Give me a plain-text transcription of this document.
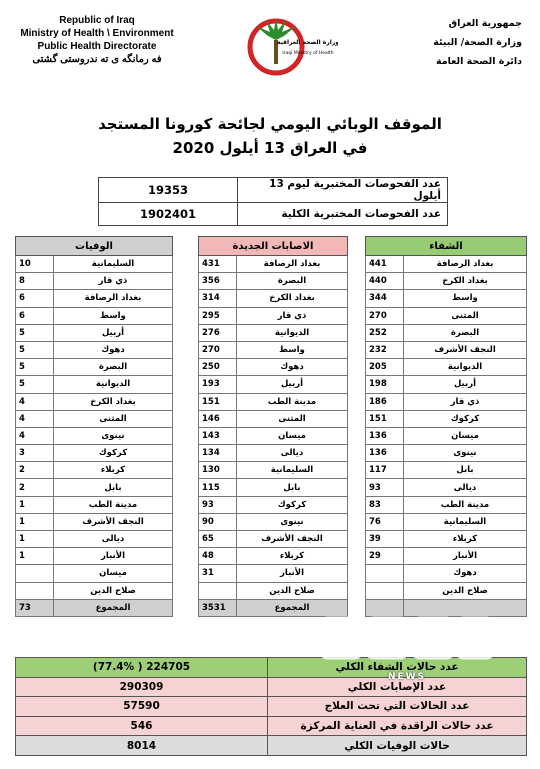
Republic of Iraq
Ministry of Health \ Environment
Public Health Directorate
فه رمانگه ی ته ندروستی گشتی
وزارة الصحة العراقية
Iraqi Ministry of Health
جمهورية العراق
وزارة الصحة/ البيئة
دائرة الصحة العامة
الموقف الوبائي اليومي لجائحة كورونا المستجد
في العراق 13 أيلول 2020
19353	عدد الفحوصات المختبرية ليوم 13 أيلول
1902401	عدد الفحوصات المختبرية الكلية
الوفيات	
10	السليمانية
8	ذي قار
6	بغداد الرصافة
6	واسط
5	أربيل
5	دهوك
5	البصرة
5	الديوانية
4	بغداد الكرخ
4	المثنى
4	نينوى
3	كركوك
2	كربلاء
2	بابل
1	مدينة الطب
1	النجف الأشرف
1	ديالى
1	الأنبار
	ميسان
	صلاح الدين
73	المجموع
الاصابات الجديدة	
431	بغداد الرصافة
356	البصرة
314	بغداد الكرخ
295	ذي قار
276	الديوانية
270	واسط
250	دهوك
193	أربيل
151	مدينة الطب
146	المثنى
143	ميسان
134	ديالى
130	السليمانية
115	بابل
93	كركوك
90	نينوى
65	النجف الأشرف
48	كربلاء
31	الأنبار
	صلاح الدين
3531	المجموع
الشفاء	
441	بغداد الرصافة
440	بغداد الكرخ
344	واسط
270	المثنى
252	البصرة
232	النجف الأشرف
205	الديوانية
198	أربيل
186	ذي قار
151	كركوك
136	ميسان
136	نينوى
117	بابل
93	ديالى
83	مدينة الطب
76	السليمانية
39	كربلاء
29	الأنبار
	دهوك
	صلاح الدين

(77.4% ) 224705	عدد حالات الشفاء الكلي
290309	عدد الإصابات الكلي
57590	عدد الحالات التي تحت العلاج
546	عدد حالات الراقدة في العناية المركزة
8014	حالات الوفيات الكلي
NEWS
